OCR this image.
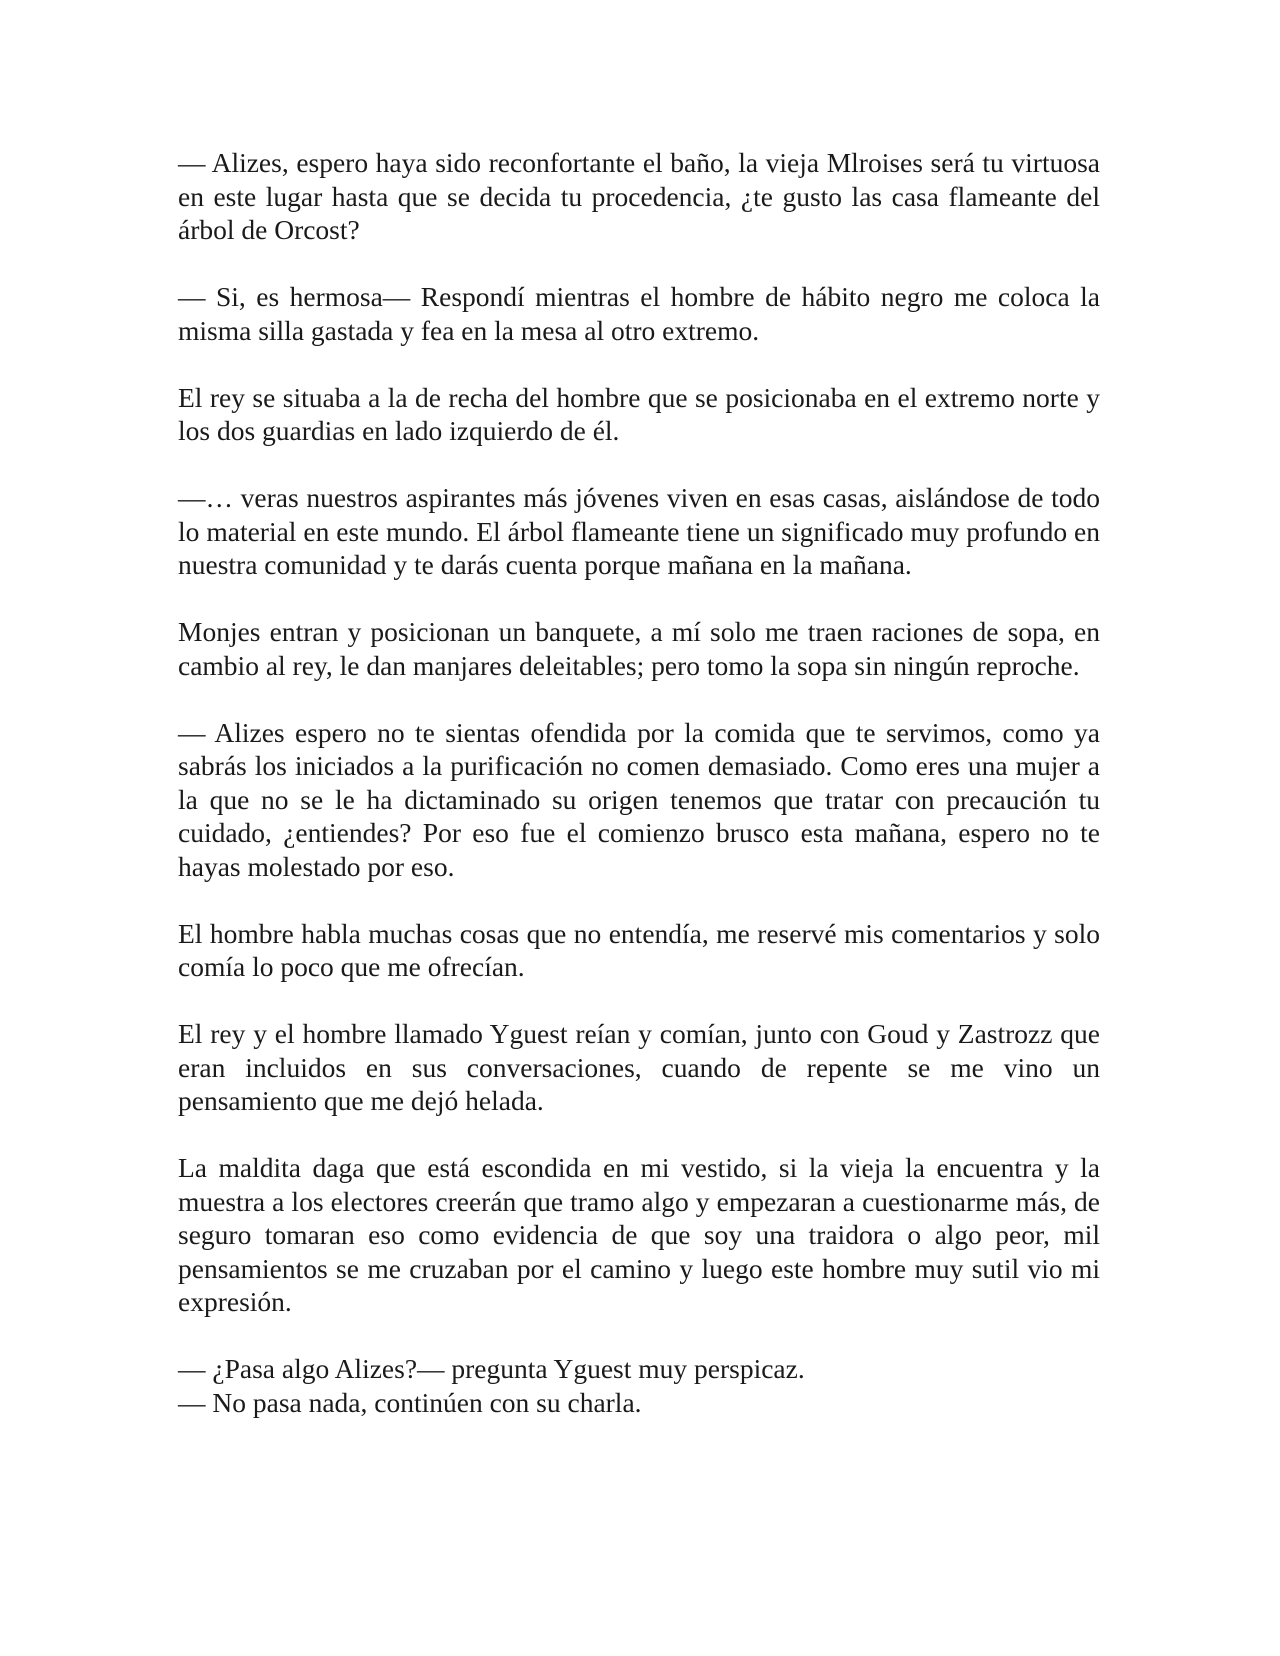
— Alizes, espero haya sido reconfortante el baño, la vieja Mlroises será tu virtuosa en este lugar hasta que se decida tu procedencia, ¿te gusto las casa flameante del árbol de Orcost?

— Si, es hermosa— Respondí mientras el hombre de hábito negro me coloca la misma silla gastada y fea en la mesa al otro extremo.

El rey se situaba a la de recha del hombre que se posicionaba en el extremo norte y los dos guardias en lado izquierdo de él.

—… veras nuestros aspirantes más jóvenes viven en esas casas, aislándose de todo lo material en este mundo. El árbol flameante tiene un significado muy profundo en nuestra comunidad y te darás cuenta porque mañana en la mañana.

Monjes entran y posicionan un banquete, a mí solo me traen raciones de sopa, en cambio al rey, le dan manjares deleitables; pero tomo la sopa sin ningún reproche.

— Alizes espero no te sientas ofendida por la comida que te servimos, como ya sabrás los iniciados a la purificación no comen demasiado. Como eres una mujer a la que no se le ha dictaminado su origen tenemos que tratar con precaución tu cuidado, ¿entiendes? Por eso fue el comienzo brusco esta mañana, espero no te hayas molestado por eso.

El hombre habla muchas cosas que no entendía, me reservé mis comentarios y solo comía lo poco que me ofrecían.

El rey y el hombre llamado Yguest reían y comían, junto con Goud y Zastrozz que eran incluidos en sus conversaciones, cuando de repente se me vino un pensamiento que me dejó helada.

La maldita daga que está escondida en mi vestido, si la vieja la encuentra y la muestra a los electores creerán que tramo algo y empezaran a cuestionarme más, de seguro tomaran eso como evidencia de que soy una traidora o algo peor, mil pensamientos se me cruzaban por el camino y luego este hombre muy sutil vio mi expresión.

— ¿Pasa algo Alizes?— pregunta Yguest muy perspicaz.

— No pasa nada, continúen con su charla.
